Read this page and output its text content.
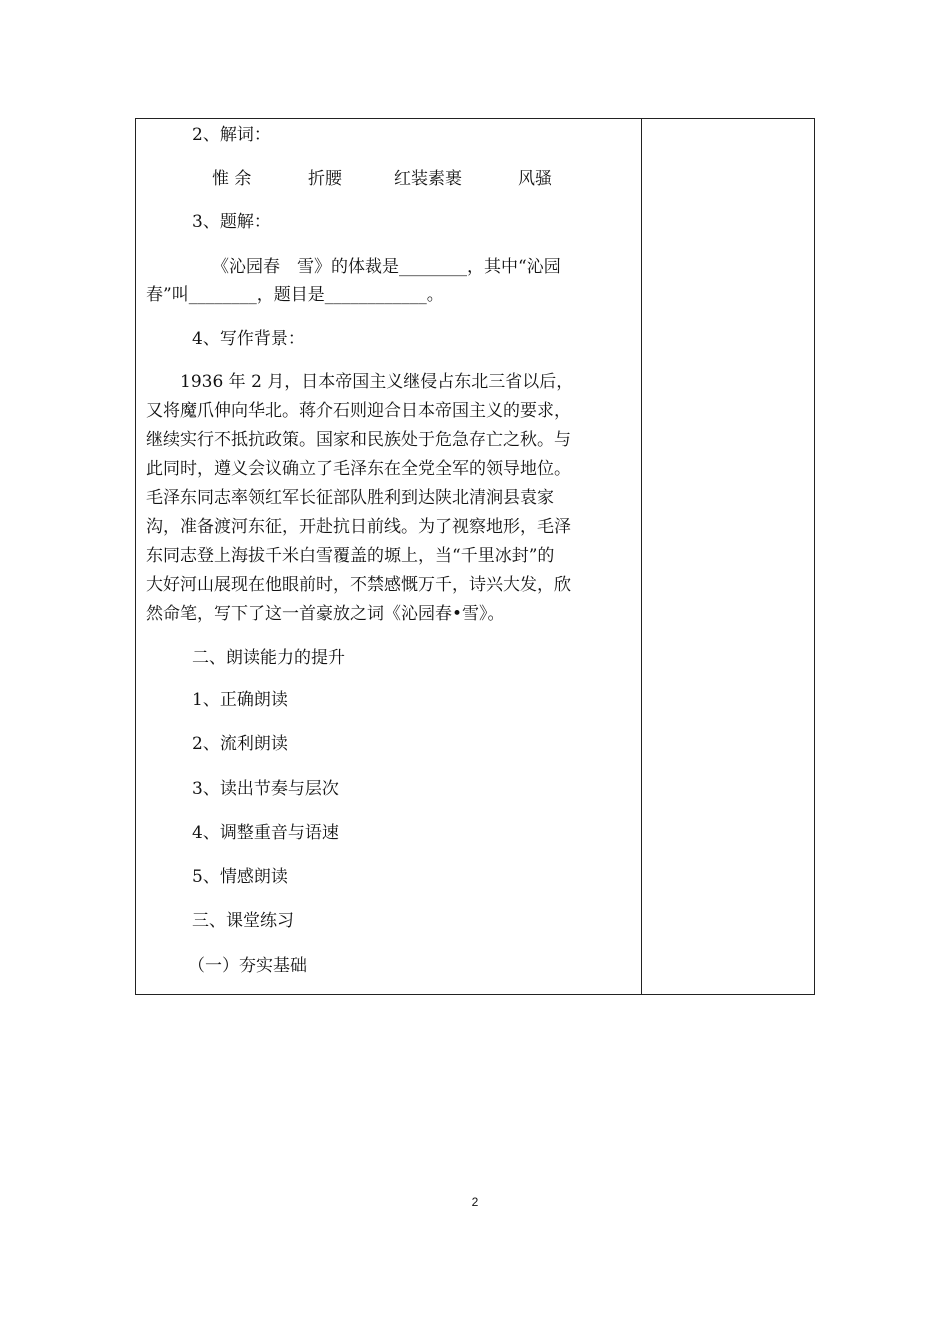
2、解词：
惟 余	折腰	红装素裹	风骚
3、题解：
《沁园春　雪》的体裁是________，其中“沁园
春”叫________，题目是____________。
4、写作背景：

　　1936 年 2 月，日本帝国主义继侵占东北三省以后，

又将魔爪伸向华北。蒋介石则迎合日本帝国主义的要求，

继续实行不抵抗政策。国家和民族处于危急存亡之秋。与

此同时，遵义会议确立了毛泽东在全党全军的领导地位。

毛泽东同志率领红军长征部队胜利到达陕北清涧县袁家

沟，准备渡河东征，开赴抗日前线。为了视察地形，毛泽

东同志登上海拔千米白雪覆盖的塬上，当“千里冰封”的

大好河山展现在他眼前时，不禁感慨万千，诗兴大发，欣

然命笔，写下了这一首豪放之词《沁园春•雪》。

二、朗读能力的提升
1、正确朗读
2、流利朗读
3、读出节奏与层次
4、调整重音与语速
5、情感朗读
三、课堂练习
（一）夯实基础
2
